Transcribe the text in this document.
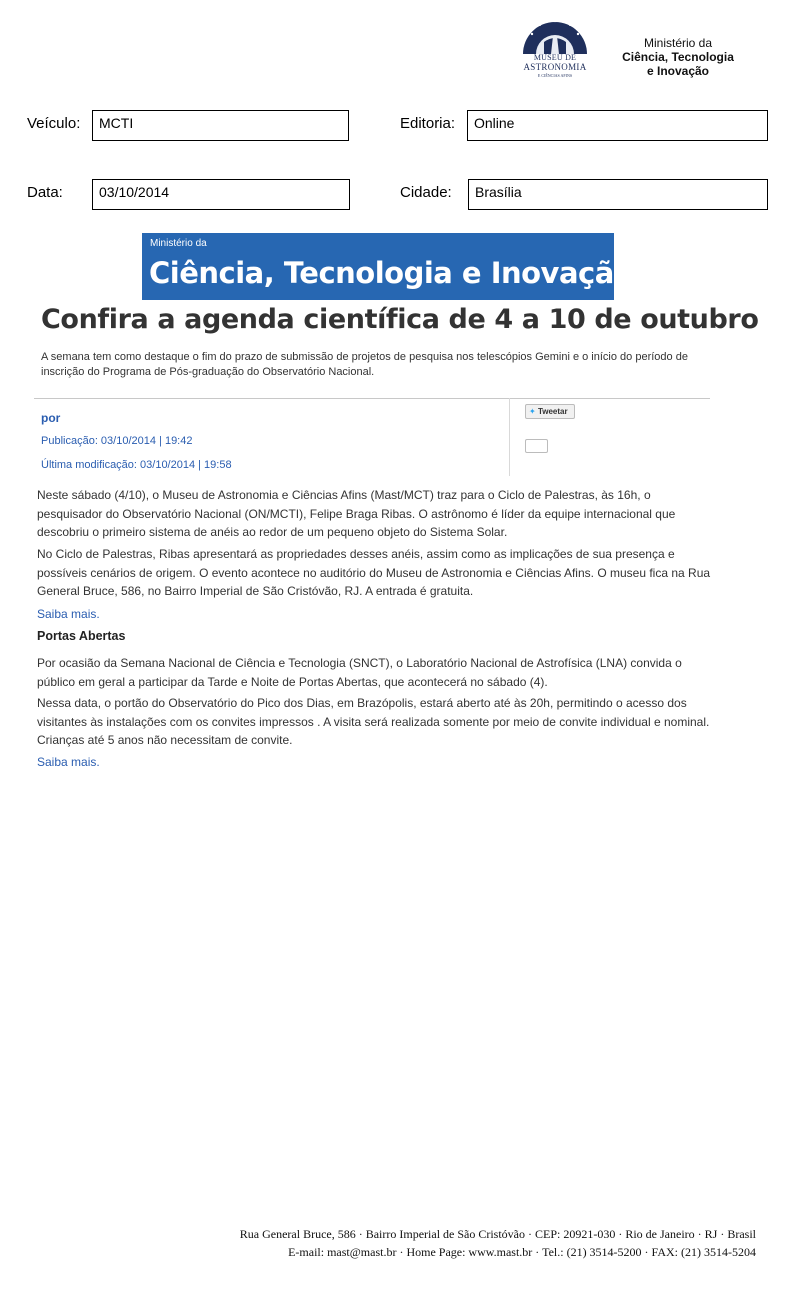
MUSEU DE
ASTRONOMIA
E CIÊNCIAS AFINS
Ministério da
Ciência, Tecnologia
e Inovação
Veículo:	MCTI	Editoria:	Online
Data:	03/10/2014	Cidade:	Brasília
Ministério da
Ciência, Tecnologia e Inovação
Confira a agenda científica de 4 a 10 de outubro
A semana tem como destaque o fim do prazo de submissão de projetos de pesquisa nos telescópios Gemini e o início do período de inscrição do Programa de Pós-graduação do Observatório Nacional.
por
Publicação: 03/10/2014 | 19:42
Última modificação: 03/10/2014 | 19:58
✦ Tweetar
Neste sábado (4/10), o Museu de Astronomia e Ciências Afins (Mast/MCT) traz para o Ciclo de Palestras, às 16h, o pesquisador do Observatório Nacional (ON/MCTI), Felipe Braga Ribas. O astrônomo é líder da equipe internacional que descobriu o primeiro sistema de anéis ao redor de um pequeno objeto do Sistema Solar.
No Ciclo de Palestras, Ribas apresentará as propriedades desses anéis, assim como as implicações de sua presença e possíveis cenários de origem. O evento acontece no auditório do Museu de Astronomia e Ciências Afins. O museu fica na Rua General Bruce, 586, no Bairro Imperial de São Cristóvão, RJ. A entrada é gratuita.
Saiba mais.
Portas Abertas
Por ocasião da Semana Nacional de Ciência e Tecnologia (SNCT), o Laboratório Nacional de Astrofísica (LNA) convida o público em geral a participar da Tarde e Noite de Portas Abertas, que acontecerá no sábado (4).
Nessa data, o portão do Observatório do Pico dos Dias, em Brazópolis, estará aberto até às 20h, permitindo o acesso dos visitantes às instalações com os convites impressos . A visita será realizada somente por meio de convite individual e nominal. Crianças até 5 anos não necessitam de convite.
Saiba mais.
Rua General Bruce, 586 · Bairro Imperial de São Cristóvão · CEP: 20921-030 · Rio de Janeiro · RJ · Brasil
E-mail: mast@mast.br · Home Page: www.mast.br · Tel.: (21) 3514-5200 · FAX: (21) 3514-5204
